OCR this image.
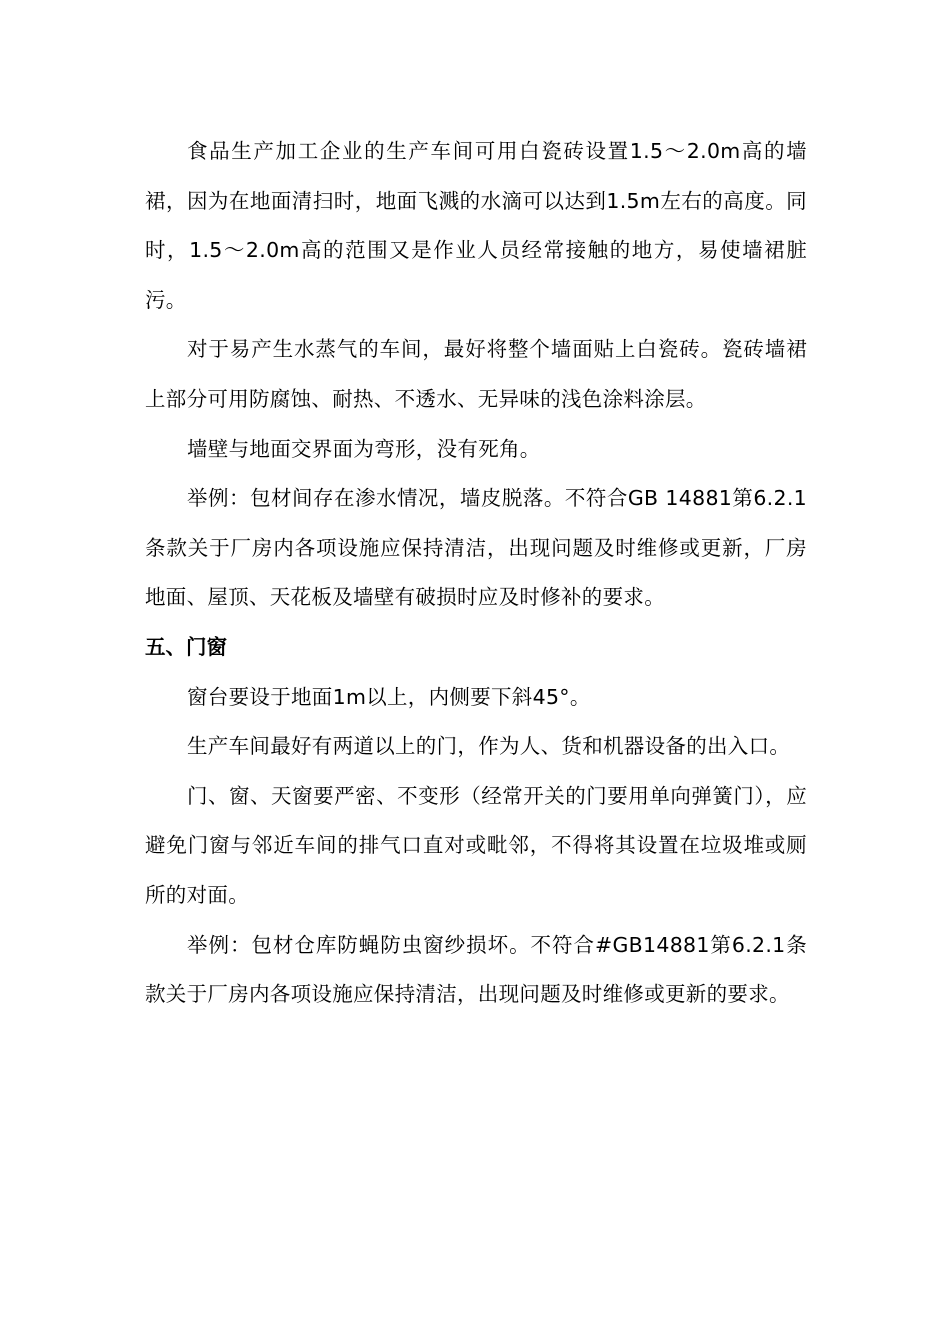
食品生产加工企业的生产车间可用白瓷砖设置1.5～2.0m高的墙裙，因为在地面清扫时，地面飞溅的水滴可以达到1.5m左右的高度。同时，1.5～2.0m高的范围又是作业人员经常接触的地方，易使墙裙脏污。

对于易产生水蒸气的车间，最好将整个墙面贴上白瓷砖。瓷砖墙裙上部分可用防腐蚀、耐热、不透水、无异味的浅色涂料涂层。

墙壁与地面交界面为弯形，没有死角。

举例：包材间存在渗水情况，墙皮脱落。不符合GB 14881第6.2.1条款关于厂房内各项设施应保持清洁，出现问题及时维修或更新，厂房地面、屋顶、天花板及墙壁有破损时应及时修补的要求。

五、门窗

窗台要设于地面1m以上，内侧要下斜45°。

生产车间最好有两道以上的门，作为人、货和机器设备的出入口。

门、窗、天窗要严密、不变形（经常开关的门要用单向弹簧门），应避免门窗与邻近车间的排气口直对或毗邻，不得将其设置在垃圾堆或厕所的对面。

举例：包材仓库防蝇防虫窗纱损坏。不符合#GB14881第6.2.1条款关于厂房内各项设施应保持清洁，出现问题及时维修或更新的要求。
